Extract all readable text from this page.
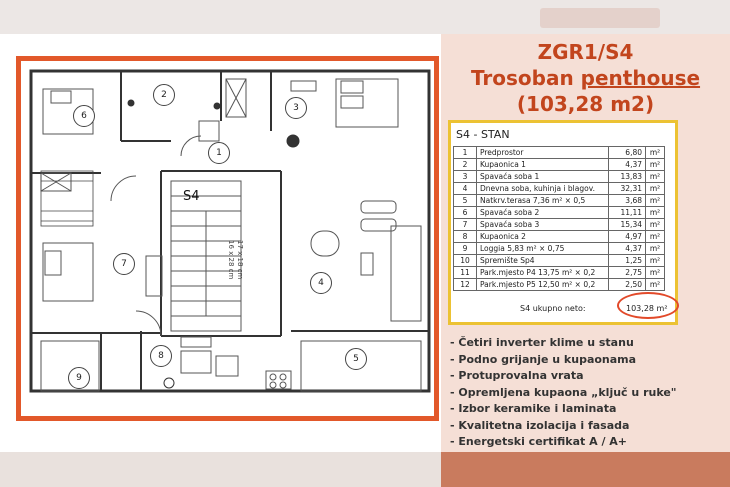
ZGR1/S4
Trosoban penthouse
(103,28 m2)
S4
6
2
3
1
7
4
8	5
9
17 x 18 cm
16 x 28 cm
S4 - STAN
1	Predprostor	6,80	m²
2	Kupaonica 1	4,37	m²
3	Spavaća soba 1	13,83	m²
4	Dnevna soba, kuhinja i blagov.	32,31	m²
5	Natkrv.terasa 7,36 m² × 0,5	3,68	m²
6	Spavaća soba 2	11,11	m²
7	Spavaća soba 3	15,34	m²
8	Kupaonica 2	4,97	m²
9	Loggia 5,83 m² × 0,75	4,37	m²
10	Spremište Sp4	1,25	m²
11	Park.mjesto P4 13,75 m² × 0,2	2,75	m²
12	Park.mjesto P5 12,50 m² × 0,2	2,50	m²
S4 ukupno neto:	103,28 m²
- Četiri inverter klime u stanu
- Podno grijanje u kupaonama
- Protuprovalna vrata
- Opremljena kupaona „ključ u ruke"
- Izbor keramike i laminata
- Kvalitetna izolacija i fasada
- Energetski certifikat A / A+
